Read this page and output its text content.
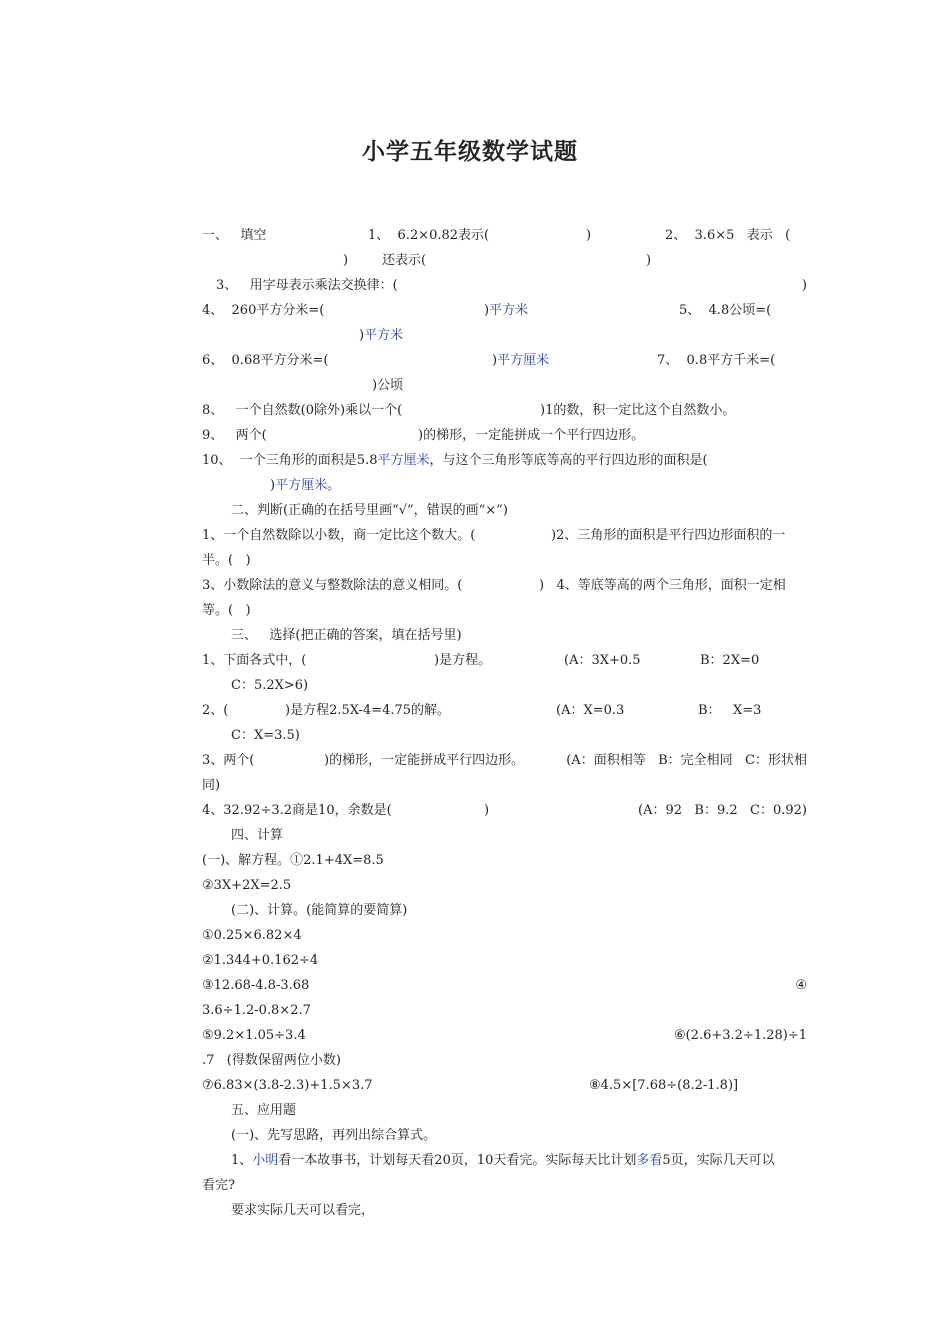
小学五年级数学试题
一、   填空	1、  6.2×0.82表示(	)	2、  3.6×5   表示   (
)	还表示(	)
3、   用字母表示乘法交换律：(	)
4、  260平方分米=(	)平方米	5、  4.8公顷=(
)平方米
6、  0.68平方分米=(	)平方厘米	7、  0.8平方千米=(
)公顷
8、   一个自然数(0除外)乘以一个(	)1的数，积一定比这个自然数小。
9、   两个(	)的梯形，一定能拼成一个平行四边形。
10、  一个三角形的面积是5.8平方厘米，与这个三角形等底等高的平行四边形的面积是(
)平方厘米。
二、判断(正确的在括号里画“√”，错误的画“×”)
1、一个自然数除以小数，商一定比这个数大。(	)2、三角形的面积是平行四边形面积的一
半。(   )
3、小数除法的意义与整数除法的意义相同。(	)   4、等底等高的两个三角形，面积一定相
等。(   )
三、   选择(把正确的答案，填在括号里)
1、下面各式中，(	)是方程。	(A：3X+0.5	B：2X=0
C：5.2X>6)
2、(	)是方程2.5X-4=4.75的解。	(A：X=0.3	B：   X=3
C：X=3.5)
3、两个(	)的梯形，一定能拼成平行四边形。	(A：面积相等   B：完全相同   C：形状相
同)
4、32.92÷3.2商是10，余数是(	)	(A：92   B：9.2   C：0.92)
四、计算
(一)、解方程。①2.1+4X=8.5
②3X+2X=2.5
(二)、计算。(能简算的要简算)
①0.25×6.82×4
②1.344+0.162÷4
③12.68-4.8-3.68	④
3.6÷1.2-0.8×2.7
⑤9.2×1.05÷3.4	⑥(2.6+3.2÷1.28)÷1
.7   (得数保留两位小数)
⑦6.83×(3.8-2.3)+1.5×3.7	⑧4.5×[7.68÷(8.2-1.8)]
五、应用题
(一)、先写思路，再列出综合算式。
1、小明看一本故事书，计划每天看20页，10天看完。实际每天比计划多看5页，实际几天可以
看完?
要求实际几天可以看完，
